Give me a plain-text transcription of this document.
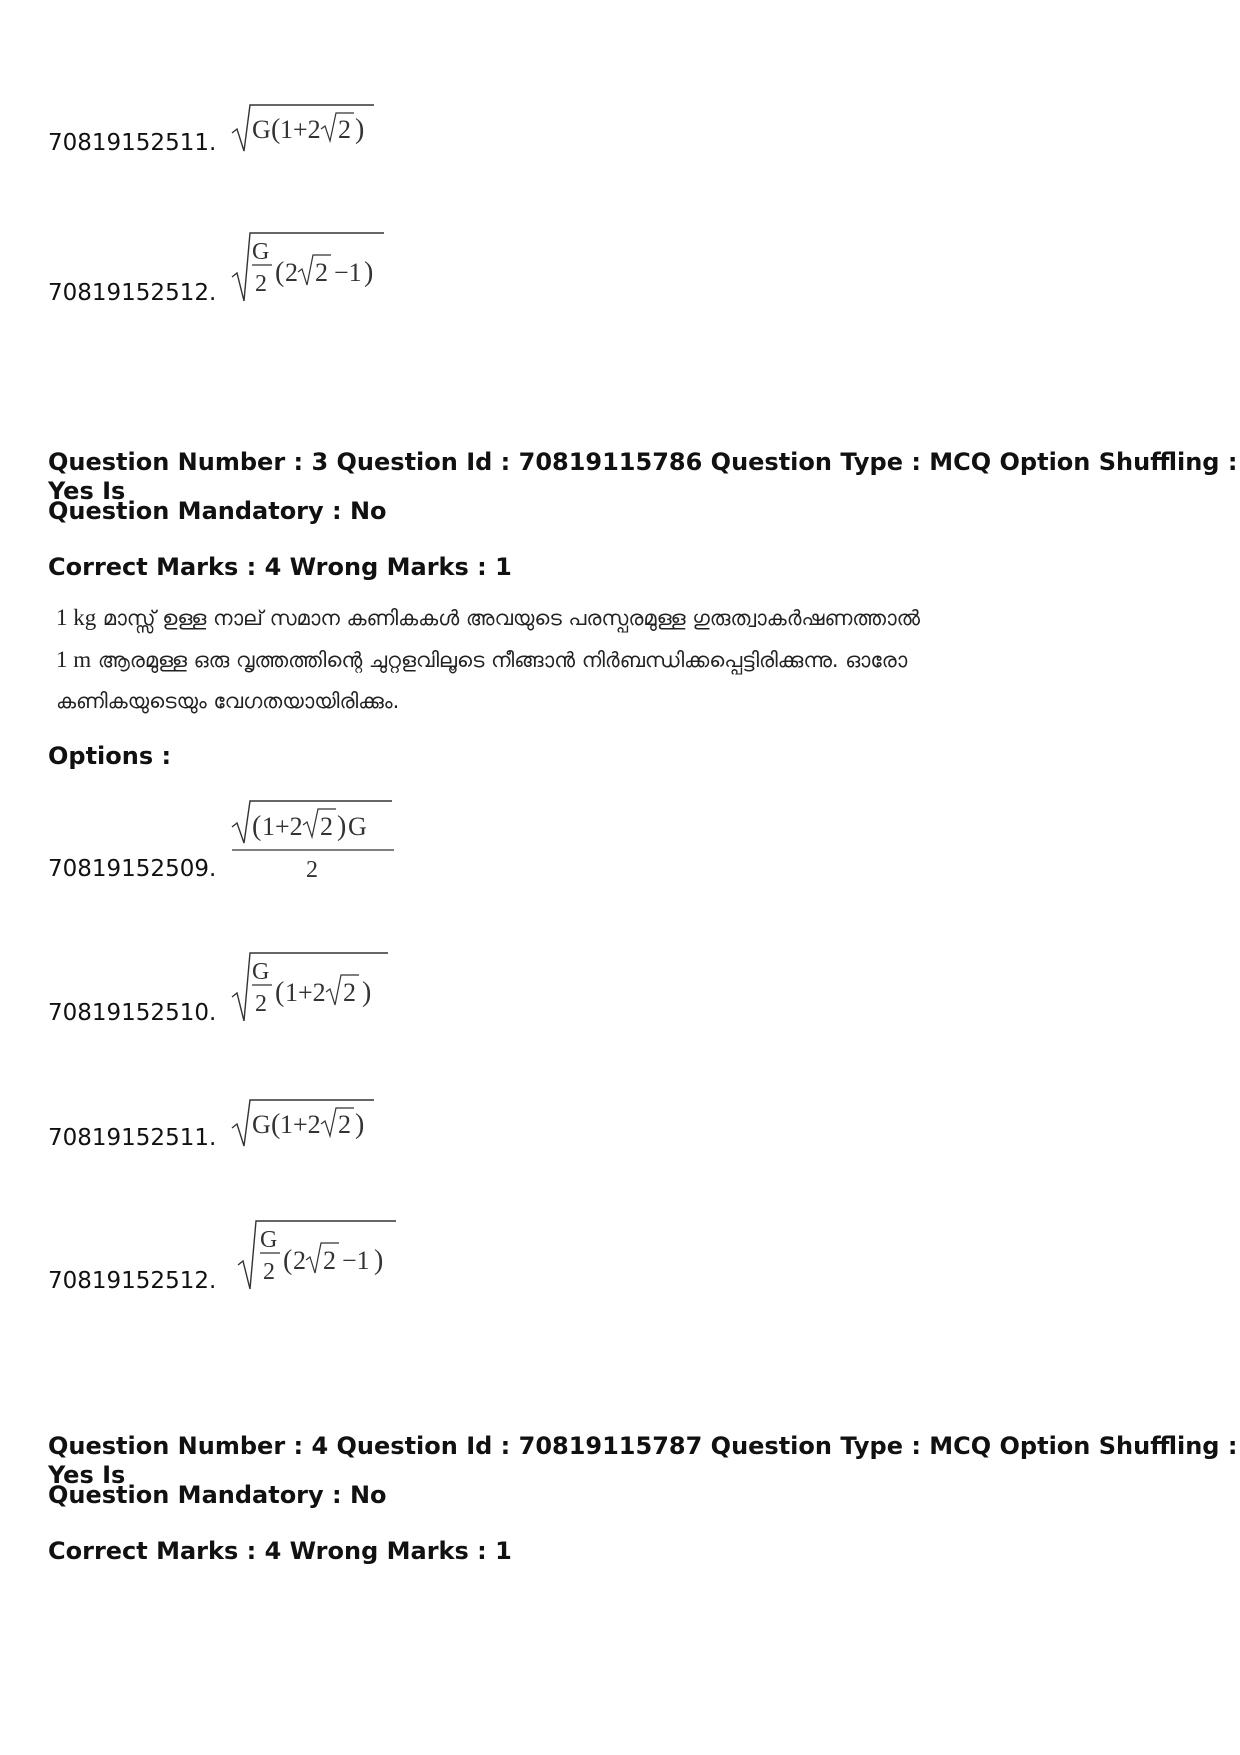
70819152511. G ( 1+2 2 )
70819152512.
G
2 ( 2 2 −1 )
Question Number : 3 Question Id : 70819115786 Question Type : MCQ Option Shuffling : Yes Is
Question Mandatory : No
Correct Marks : 4 Wrong Marks : 1
1 kg മാസ്സ് ഉള്ള നാല് സമാന കണികകൾ അവയുടെ പരസ്പരമുള്ള ഗുരുത്വാകർഷണത്താൽ
1 m ആരമുള്ള ഒരു വൃത്തത്തിന്റെ ചുറ്റളവിലൂടെ നീങ്ങാൻ നിർബന്ധിക്കപ്പെട്ടിരിക്കുന്നു. ഓരോ
കണികയുടെയും വേഗതയായിരിക്കും.
Options :
70819152509.
( 1+2 2 ) G
2
70819152510.
G
2 ( 1+2 2 )
70819152511. G ( 1+2 2 )
70819152512.
G
2 ( 2 2 −1 )
Question Number : 4 Question Id : 70819115787 Question Type : MCQ Option Shuffling : Yes Is
Question Mandatory : No
Correct Marks : 4 Wrong Marks : 1
